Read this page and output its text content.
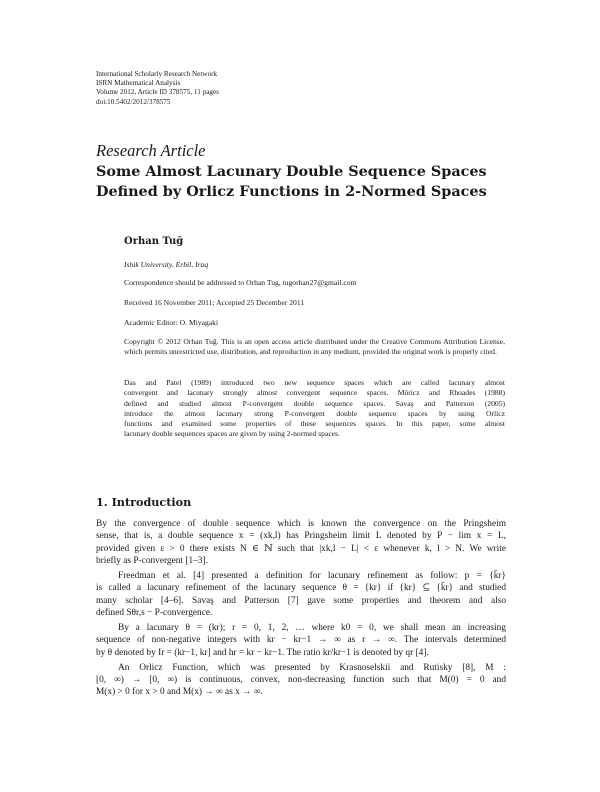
International Scholarly Research Network
ISRN Mathematical Analysis
Volume 2012, Article ID 378575, 11 pages
doi:10.5402/2012/378575
Research Article
Some Almost Lacunary Double Sequence Spaces
Defined by Orlicz Functions in 2-Normed Spaces
Orhan Tuğ
Ishik University, Erbil, Iraq
Correspondence should be addressed to Orhan Tug, tugorhan27@gmail.com
Received 16 November 2011; Accepted 25 December 2011
Academic Editor: O. Miyagaki
Copyright © 2012 Orhan Tuğ. This is an open access article distributed under the Creative Commons Attribution License, which permits unrestricted use, distribution, and reproduction in any medium, provided the original work is properly cited.
Das and Patel (1989) introduced two new sequence spaces which are called lacunary almost
convergent and lacunary strongly almost convergent sequence spaces. Móricz and Rhoades (1988)
defined and studied almost P-convergent double sequence spaces. Savaş and Patterson (2005)
introduce the almost lacunary strong P-convergent double sequence spaces by using Orlicz
functions and examined some properties of these sequences spaces. In this paper, some almost
lacunary double sequences spaces are given by using 2-normed spaces.
1. Introduction

By the convergence of double sequence which is known the convergence on the Pringsheim
sense, that is, a double sequence x = (xk,l) has Pringsheim limit L denoted by P − lim x = L,
provided given ε > 0 there exists N ∈ ℕ such that |xk,l − L| < ε whenever k, l > N. We write
briefly as P-convergent [1–3].

Freedman et al. [4] presented a definition for lacunary refinement as follow: p = {k̄r}
is called a lacunary refinement of the lacunary sequence θ = {kr} if {kr} ⊆ {k̄r} and studied
many scholar [4–6]. Savaş and Patterson [7] gave some properties and theorem and also
defined Sθr,s − P-convergence.

By a lacunary θ = (kr); r = 0, 1, 2, … where k0 = 0, we shall mean an increasing
sequence of non-negative integers with kr − kr−1 → ∞ as r → ∞. The intervals determined
by θ denoted by Ir = (kr−1, kr] and hr = kr − kr−1. The ratio kr/kr−1 is denoted by qr [4].

An Orlicz Function, which was presented by Krasnoselskii and Rutisky [8], M :
[0, ∞) → [0, ∞) is continuous, convex, non-decreasing function such that M(0) = 0 and
M(x) > 0 for x > 0 and M(x) → ∞ as x → ∞.
